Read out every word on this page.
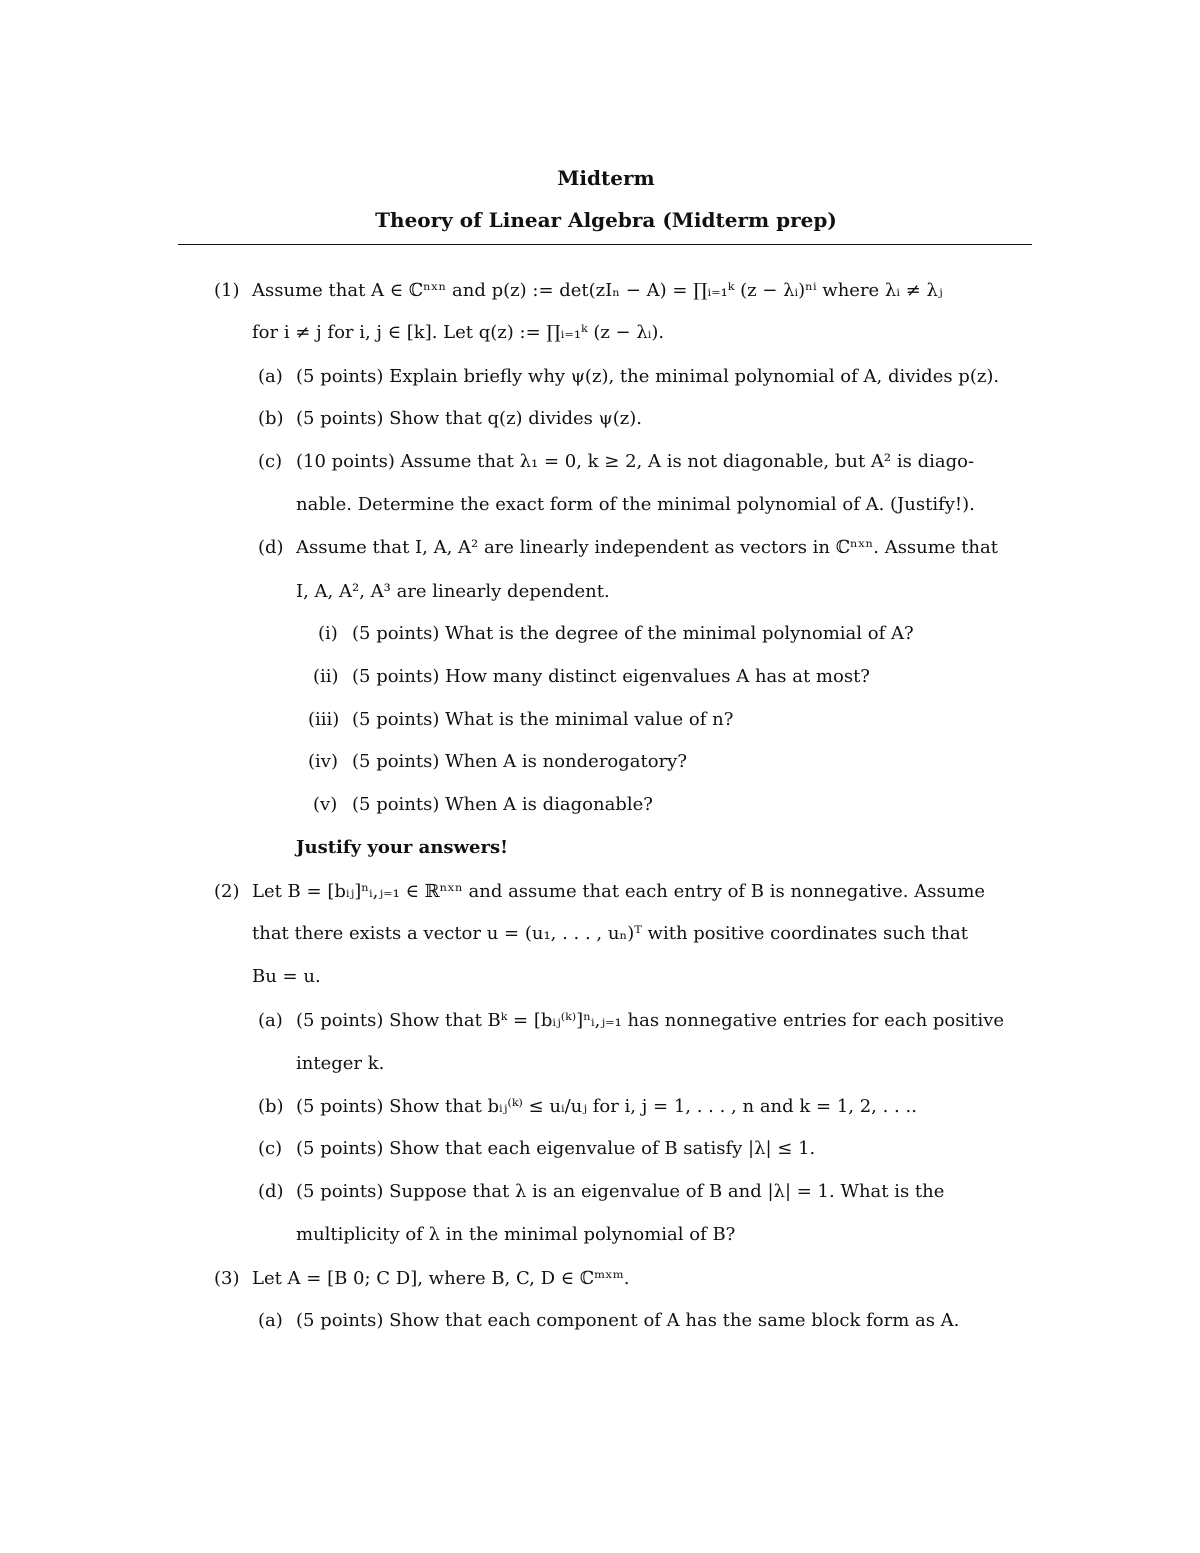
Midterm
Theory of Linear Algebra (Midterm prep)
(1) Assume that A ∈ ℂⁿˣⁿ and p(z) := det(zIₙ − A) = ∏ᵢ₌₁ᵏ (z − λᵢ)ⁿⁱ where λᵢ ≠ λⱼ
for i ≠ j for i, j ∈ [k]. Let q(z) := ∏ᵢ₌₁ᵏ (z − λᵢ).
(a) (5 points) Explain briefly why ψ(z), the minimal polynomial of A, divides p(z).
(b) (5 points) Show that q(z) divides ψ(z).
(c) (10 points) Assume that λ₁ = 0, k ≥ 2, A is not diagonable, but A² is diago-
nable. Determine the exact form of the minimal polynomial of A. (Justify!).
(d) Assume that I, A, A² are linearly independent as vectors in ℂⁿˣⁿ. Assume that
I, A, A², A³ are linearly dependent.
(i) (5 points) What is the degree of the minimal polynomial of A?
(ii) (5 points) How many distinct eigenvalues A has at most?
(iii) (5 points) What is the minimal value of n?
(iv) (5 points) When A is nonderogatory?
(v) (5 points) When A is diagonable?
Justify your answers!
(2) Let B = [bᵢⱼ]ⁿᵢ,ⱼ₌₁ ∈ ℝⁿˣⁿ and assume that each entry of B is nonnegative. Assume
that there exists a vector u = (u₁, . . . , uₙ)ᵀ with positive coordinates such that
Bu = u.
(a) (5 points) Show that Bᵏ = [bᵢⱼ⁽ᵏ⁾]ⁿᵢ,ⱼ₌₁ has nonnegative entries for each positive
integer k.
(b) (5 points) Show that bᵢⱼ⁽ᵏ⁾ ≤ uᵢ/uⱼ for i, j = 1, . . . , n and k = 1, 2, . . ..
(c) (5 points) Show that each eigenvalue of B satisfy |λ| ≤ 1.
(d) (5 points) Suppose that λ is an eigenvalue of B and |λ| = 1. What is the
multiplicity of λ in the minimal polynomial of B?
(3) Let A = [B 0; C D], where B, C, D ∈ ℂᵐˣᵐ.
(a) (5 points) Show that each component of A has the same block form as A.
